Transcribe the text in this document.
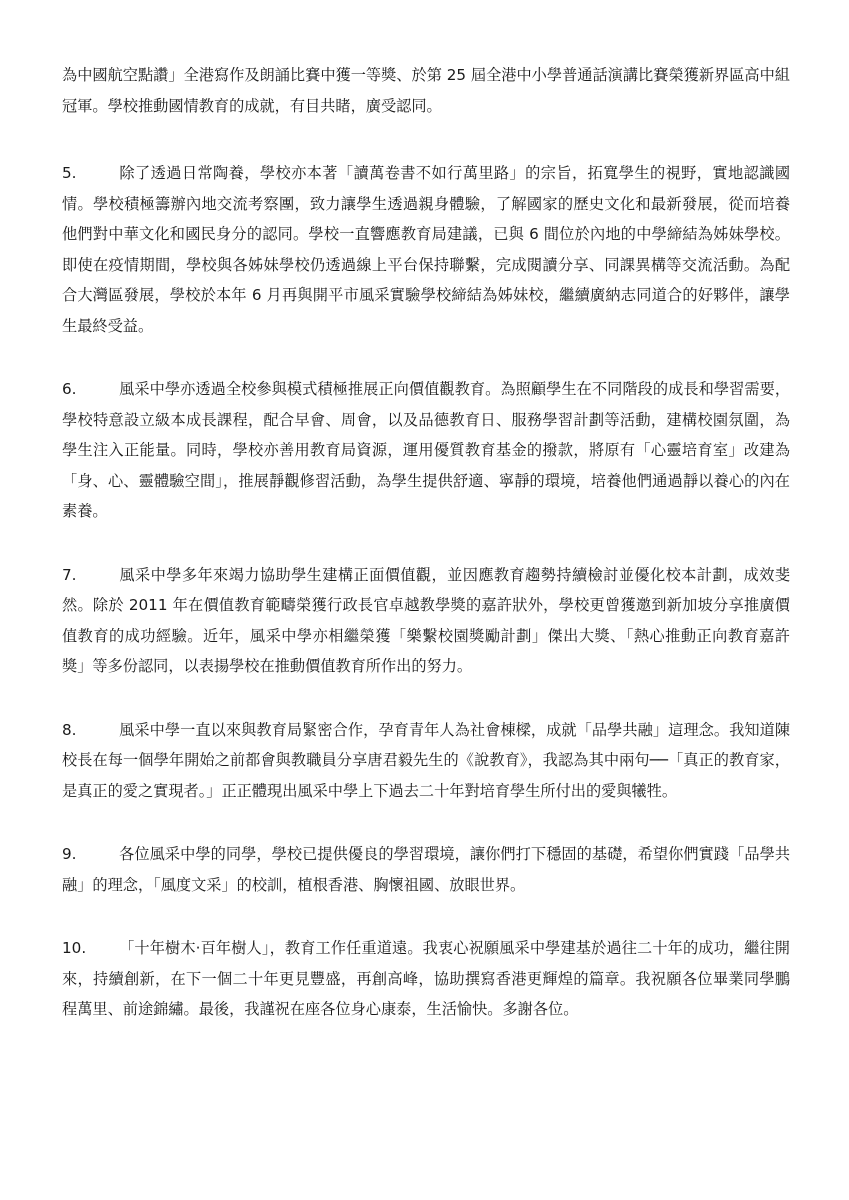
為中國航空點讚」全港寫作及朗誦比賽中獲一等獎、於第 25 屆全港中小學普通話演講比賽榮獲新界區高中組冠軍。學校推動國情教育的成就，有目共睹，廣受認同。

5.	除了透過日常陶養，學校亦本著「讀萬卷書不如行萬里路」的宗旨，拓寬學生的視野，實地認識國情。學校積極籌辦內地交流考察團，致力讓學生透過親身體驗，了解國家的歷史文化和最新發展，從而培養他們對中華文化和國民身分的認同。學校一直響應教育局建議，已與 6 間位於內地的中學締結為姊妹學校。即使在疫情期間，學校與各姊妹學校仍透過線上平台保持聯繫，完成閱讀分享、同課異構等交流活動。為配合大灣區發展，學校於本年 6 月再與開平市風采實驗學校締結為姊妹校，繼續廣納志同道合的好夥伴，讓學生最終受益。

6.	風采中學亦透過全校參與模式積極推展正向價值觀教育。為照顧學生在不同階段的成長和學習需要，學校特意設立級本成長課程，配合早會、周會，以及品德教育日、服務學習計劃等活動，建構校園氛圍，為學生注入正能量。同時，學校亦善用教育局資源，運用優質教育基金的撥款，將原有「心靈培育室」改建為「身、心、靈體驗空間」，推展靜觀修習活動，為學生提供舒適、寧靜的環境，培養他們通過靜以養心的內在素養。

7.	風采中學多年來竭力協助學生建構正面價值觀，並因應教育趨勢持續檢討並優化校本計劃，成效斐然。除於 2011 年在價值教育範疇榮獲行政長官卓越教學獎的嘉許狀外，學校更曾獲邀到新加坡分享推廣價值教育的成功經驗。近年，風采中學亦相繼榮獲「樂繫校園獎勵計劃」傑出大獎、「熱心推動正向教育嘉許獎」等多份認同，以表揚學校在推動價值教育所作出的努力。

8.	風采中學一直以來與教育局緊密合作，孕育青年人為社會棟樑，成就「品學共融」這理念。我知道陳校長在每一個學年開始之前都會與教職員分享唐君毅先生的《說教育》，我認為其中兩句──「真正的教育家，是真正的愛之實現者。」正正體現出風采中學上下過去二十年對培育學生所付出的愛與犧牲。

9.	各位風采中學的同學，學校已提供優良的學習環境，讓你們打下穩固的基礎，希望你們實踐「品學共融」的理念，「風度文采」的校訓，植根香港、胸懷祖國、放眼世界。

10. 「十年樹木‧百年樹人」，教育工作任重道遠。我衷心祝願風采中學建基於過往二十年的成功，繼往開來，持續創新，在下一個二十年更見豐盛，再創高峰，協助撰寫香港更輝煌的篇章。我祝願各位畢業同學鵬程萬里、前途錦繡。最後，我謹祝在座各位身心康泰，生活愉快。多謝各位。
